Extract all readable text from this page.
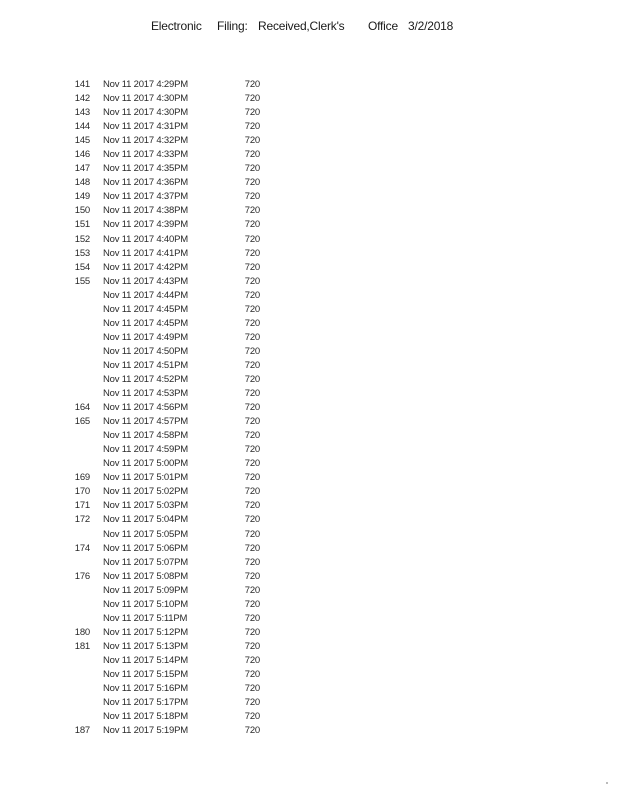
Electronic Filing: Received,Clerk's Office 3/2/2018
141 Nov 11 2017 4:29PM	720
142 Nov 11 2017 4:30PM	720
143 Nov 11 2017 4:30PM	720
144 Nov 11 2017 4:31PM	720
145 Nov 11 2017 4:32PM	720
146 Nov 11 2017 4:33PM	720
147 Nov 11 2017 4:35PM	720
148 Nov 11 2017 4:36PM	720
149 Nov 11 2017 4:37PM	720
150 Nov 11 2017 4:38PM	720
151 Nov 11 2017 4:39PM	720
152 Nov 11 2017 4:40PM	720
153 Nov 11 2017 4:41PM	720
154 Nov 11 2017 4:42PM	720
155 Nov 11 2017 4:43PM	720
Nov 11 2017 4:44PM	720
Nov 11 2017 4:45PM	720
Nov 11 2017 4:45PM	720
Nov 11 2017 4:49PM	720
Nov 11 2017 4:50PM	720
Nov 11 2017 4:51PM	720
Nov 11 2017 4:52PM	720
Nov 11 2017 4:53PM	720
164 Nov 11 2017 4:56PM	720
165 Nov 11 2017 4:57PM	720
Nov 11 2017 4:58PM	720
Nov 11 2017 4:59PM	720
Nov 11 2017 5:00PM	720
169 Nov 11 2017 5:01PM	720
170 Nov 11 2017 5:02PM	720
171 Nov 11 2017 5:03PM	720
172 Nov 11 2017 5:04PM	720
Nov 11 2017 5:05PM	720
174 Nov 11 2017 5:06PM	720
Nov 11 2017 5:07PM	720
176 Nov 11 2017 5:08PM	720
Nov 11 2017 5:09PM	720
Nov 11 2017 5:10PM	720
Nov 11 2017 5:11PM	720
180 Nov 11 2017 5:12PM	720
181 Nov 11 2017 5:13PM	720
Nov 11 2017 5:14PM	720
Nov 11 2017 5:15PM	720
Nov 11 2017 5:16PM	720
Nov 11 2017 5:17PM	720
Nov 11 2017 5:18PM	720
187 Nov 11 2017 5:19PM	720
